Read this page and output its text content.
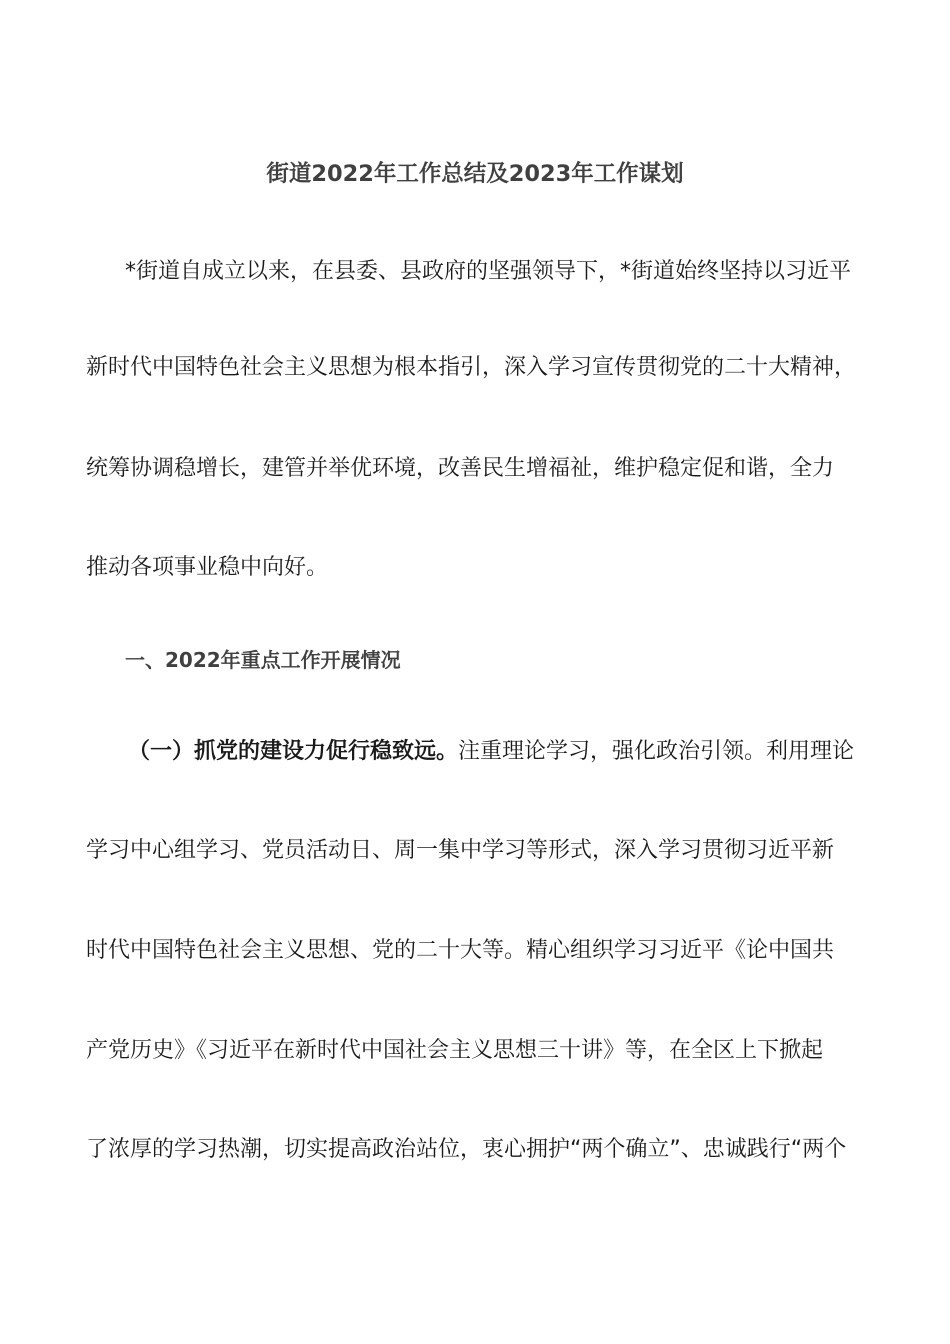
街道2022年工作总结及2023年工作谋划
*街道自成立以来，在县委、县政府的坚强领导下，*街道始终坚持以习近平
新时代中国特色社会主义思想为根本指引，深入学习宣传贯彻党的二十大精神，
统筹协调稳增长，建管并举优环境，改善民生增福祉，维护稳定促和谐，全力
推动各项事业稳中向好。
一、2022年重点工作开展情况
（一）抓党的建设力促行稳致远。注重理论学习，强化政治引领。利用理论
学习中心组学习、党员活动日、周一集中学习等形式，深入学习贯彻习近平新
时代中国特色社会主义思想、党的二十大等。精心组织学习习近平《论中国共
产党历史》《习近平在新时代中国社会主义思想三十讲》等，在全区上下掀起
了浓厚的学习热潮，切实提高政治站位，衷心拥护“两个确立”、忠诚践行“两个
